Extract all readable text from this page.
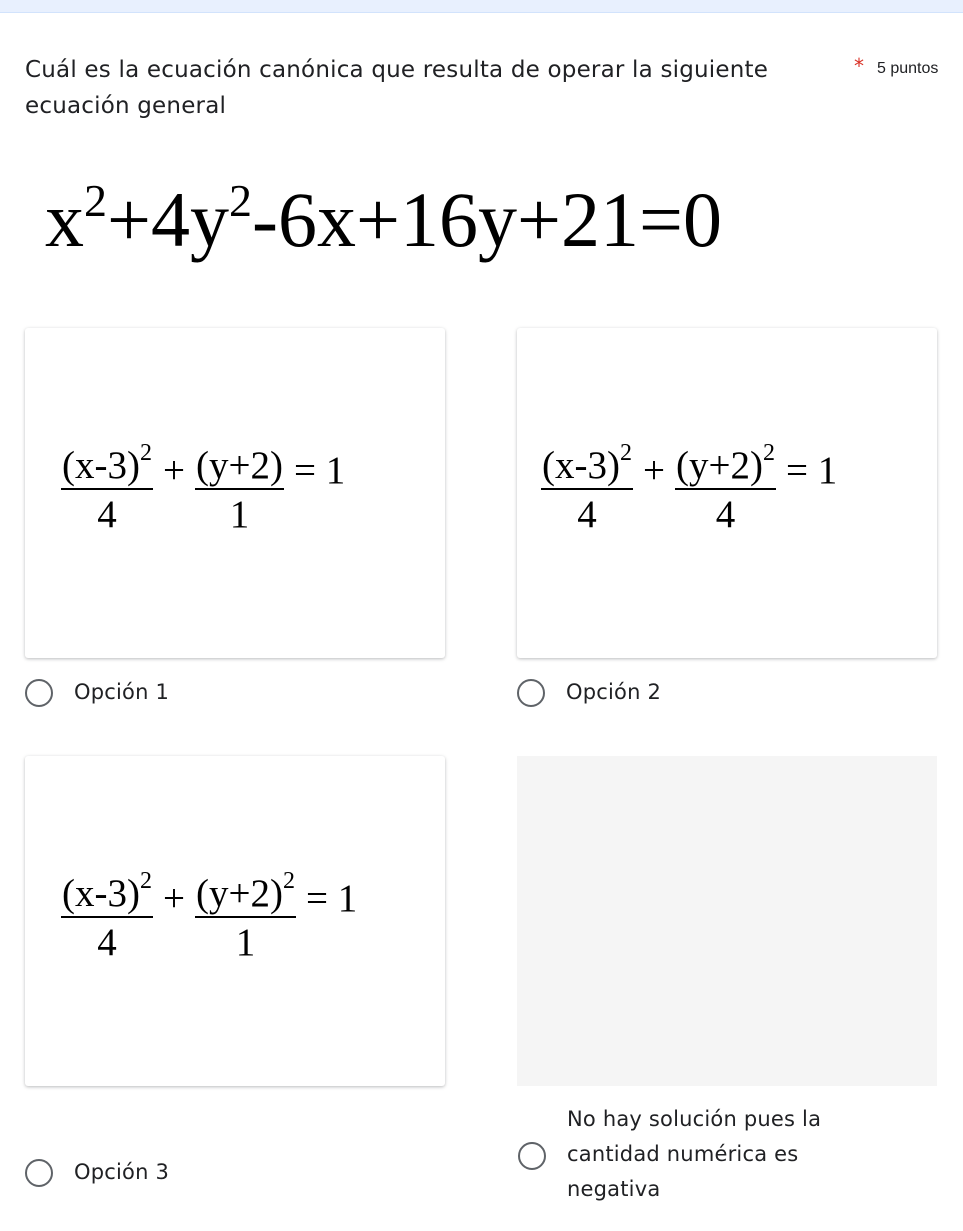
Cuál es la ecuación canónica que resulta de operar la siguiente ecuación general
* 5 puntos
$x^2+4y^2-6x+16y+21=0$
$\frac{(x-3)^2}{4} + \frac{(y+2)}{1} = 1$	$\frac{(x-3)^2}{4} + \frac{(y+2)^2}{4} = 1$
Opción 1	Opción 2
$\frac{(x-3)^2}{4} + \frac{(y+2)^2}{1} = 1$
Opción 3
No hay solución pues la cantidad numérica es negativa
